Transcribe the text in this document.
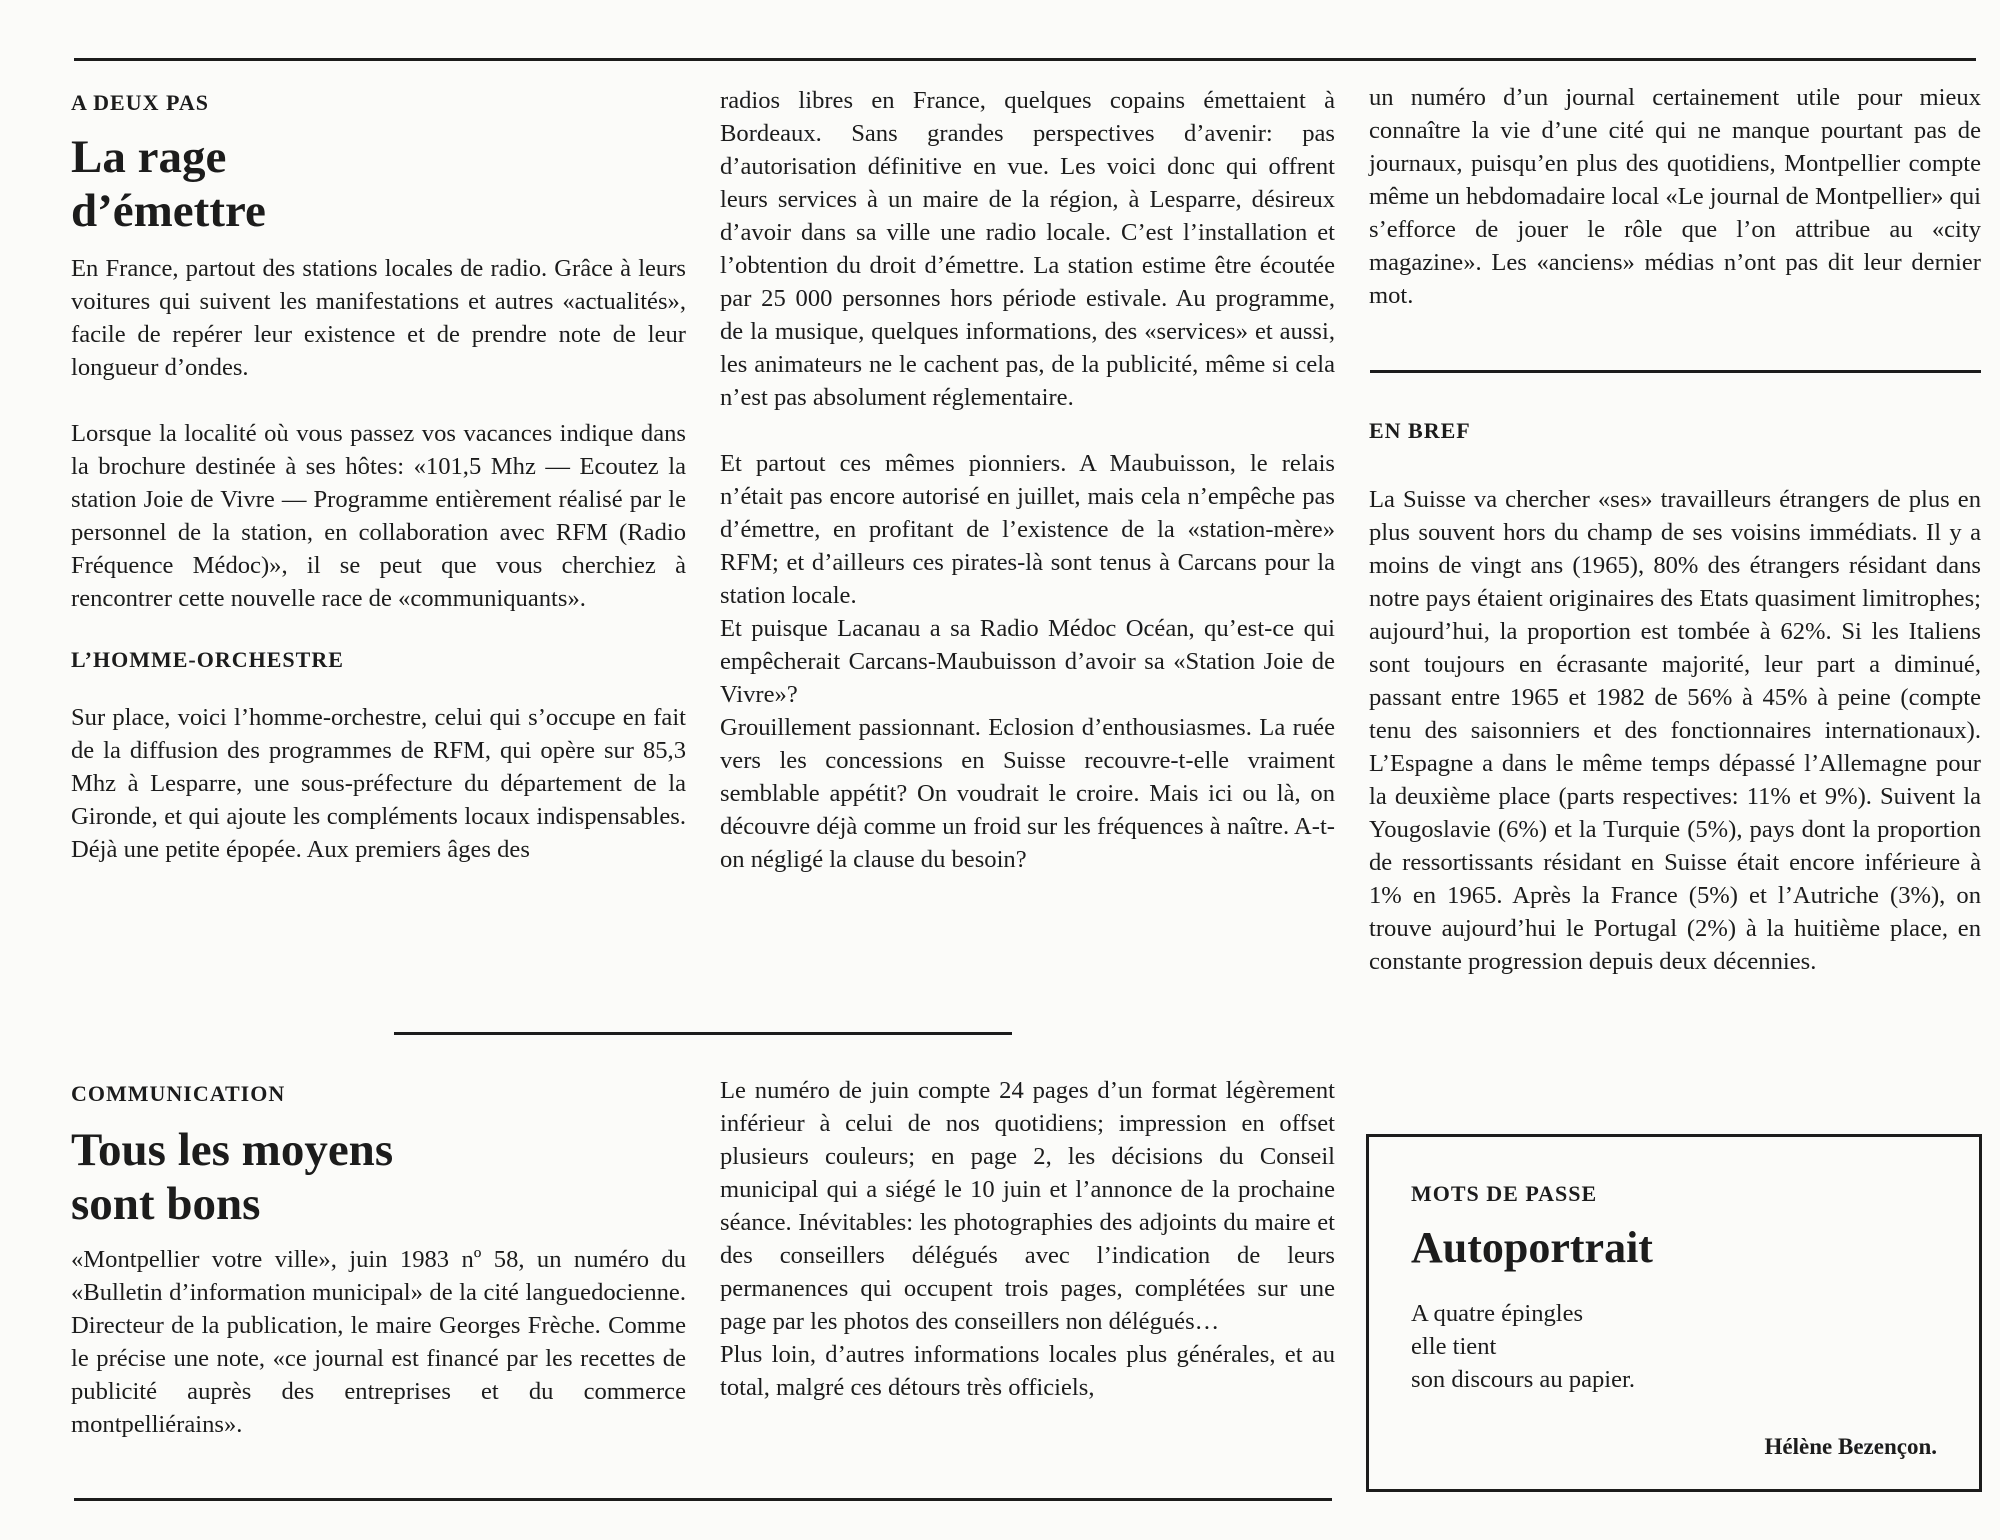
A DEUX PAS

La rage
d’émettre

En France, partout des stations locales de radio. Grâce à leurs voitures qui suivent les manifestations et autres «actualités», facile de repérer leur existence et de prendre note de leur longueur d’ondes.

Lorsque la localité où vous passez vos vacances indique dans la brochure destinée à ses hôtes: «101,5 Mhz — Ecoutez la station Joie de Vivre — Programme entièrement réalisé par le personnel de la station, en collaboration avec RFM (Radio Fréquence Médoc)», il se peut que vous cherchiez à rencontrer cette nouvelle race de «communiquants».

L’HOMME-ORCHESTRE

Sur place, voici l’homme-orchestre, celui qui s’occupe en fait de la diffusion des programmes de RFM, qui opère sur 85,3 Mhz à Lesparre, une sous-préfecture du département de la Gironde, et qui ajoute les compléments locaux indispensables. Déjà une petite épopée. Aux premiers âges des

radios libres en France, quelques copains émettaient à Bordeaux. Sans grandes perspectives d’avenir: pas d’autorisation définitive en vue. Les voici donc qui offrent leurs services à un maire de la région, à Lesparre, désireux d’avoir dans sa ville une radio locale. C’est l’installation et l’obtention du droit d’émettre. La station estime être écoutée par 25 000 personnes hors période estivale. Au programme, de la musique, quelques informations, des «services» et aussi, les animateurs ne le cachent pas, de la publicité, même si cela n’est pas absolument réglementaire.

Et partout ces mêmes pionniers. A Maubuisson, le relais n’était pas encore autorisé en juillet, mais cela n’empêche pas d’émettre, en profitant de l’existence de la «station-mère» RFM; et d’ailleurs ces pirates-là sont tenus à Carcans pour la station locale.

Et puisque Lacanau a sa Radio Médoc Océan, qu’est-ce qui empêcherait Carcans-Maubuisson d’avoir sa «Station Joie de Vivre»?

Grouillement passionnant. Eclosion d’enthousiasmes. La ruée vers les concessions en Suisse recouvre-t-elle vraiment semblable appétit? On voudrait le croire. Mais ici ou là, on découvre déjà comme un froid sur les fréquences à naître. A-t-on négligé la clause du besoin?

COMMUNICATION

Tous les moyens
sont bons

«Montpellier votre ville», juin 1983 nº 58, un numéro du «Bulletin d’information municipal» de la cité languedocienne. Directeur de la publication, le maire Georges Frèche. Comme le précise une note, «ce journal est financé par les recettes de publicité auprès des entreprises et du commerce montpelliérains».

Le numéro de juin compte 24 pages d’un format légèrement inférieur à celui de nos quotidiens; impression en offset plusieurs couleurs; en page 2, les décisions du Conseil municipal qui a siégé le 10 juin et l’annonce de la prochaine séance. Inévitables: les photographies des adjoints du maire et des conseillers délégués avec l’indication de leurs permanences qui occupent trois pages, complétées sur une page par les photos des conseillers non délégués…

Plus loin, d’autres informations locales plus générales, et au total, malgré ces détours très officiels,

un numéro d’un journal certainement utile pour mieux connaître la vie d’une cité qui ne manque pourtant pas de journaux, puisqu’en plus des quotidiens, Montpellier compte même un hebdomadaire local «Le journal de Montpellier» qui s’efforce de jouer le rôle que l’on attribue au «city magazine». Les «anciens» médias n’ont pas dit leur dernier mot.

EN BREF

La Suisse va chercher «ses» travailleurs étrangers de plus en plus souvent hors du champ de ses voisins immédiats. Il y a moins de vingt ans (1965), 80% des étrangers résidant dans notre pays étaient originaires des Etats quasiment limitrophes; aujourd’hui, la proportion est tombée à 62%. Si les Italiens sont toujours en écrasante majorité, leur part a diminué, passant entre 1965 et 1982 de 56% à 45% à peine (compte tenu des saisonniers et des fonctionnaires internationaux). L’Espagne a dans le même temps dépassé l’Allemagne pour la deuxième place (parts respectives: 11% et 9%). Suivent la Yougoslavie (6%) et la Turquie (5%), pays dont la proportion de ressortissants résidant en Suisse était encore inférieure à 1% en 1965. Après la France (5%) et l’Autriche (3%), on trouve aujourd’hui le Portugal (2%) à la huitième place, en constante progression depuis deux décennies.

MOTS DE PASSE

Autoportrait

A quatre épingles
elle tient
son discours au papier.

Hélène Bezençon.
